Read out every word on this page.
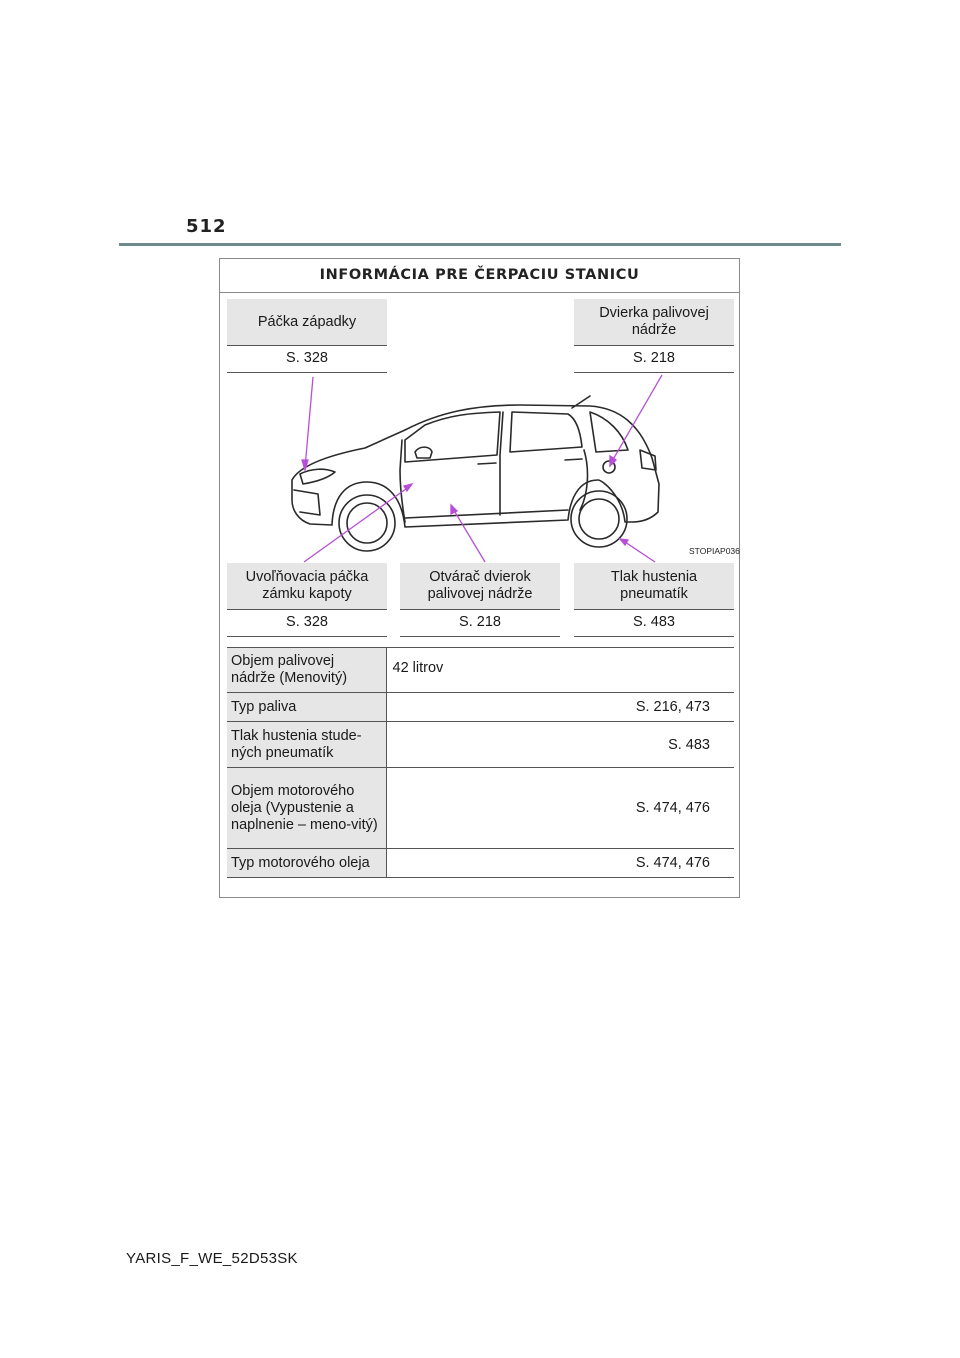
512
INFORMÁCIA PRE ČERPACIU STANICU
Páčka západky
S. 328
Dvierka palivovej nádrže
S. 218
Uvoľňovacia páčka zámku kapoty
S. 328
Otvárač dvierok palivovej nádrže
S. 218
Tlak hustenia pneumatík
S. 483
STOPIAP036
Objem palivovej nádrže (Menovitý)	42 litrov
Typ paliva	S. 216, 473
Tlak hustenia stude-ných pneumatík	S. 483
Objem motorového oleja (Vypustenie a naplnenie – meno-vitý)	S. 474, 476
Typ motorového oleja	S. 474, 476
YARIS_F_WE_52D53SK
